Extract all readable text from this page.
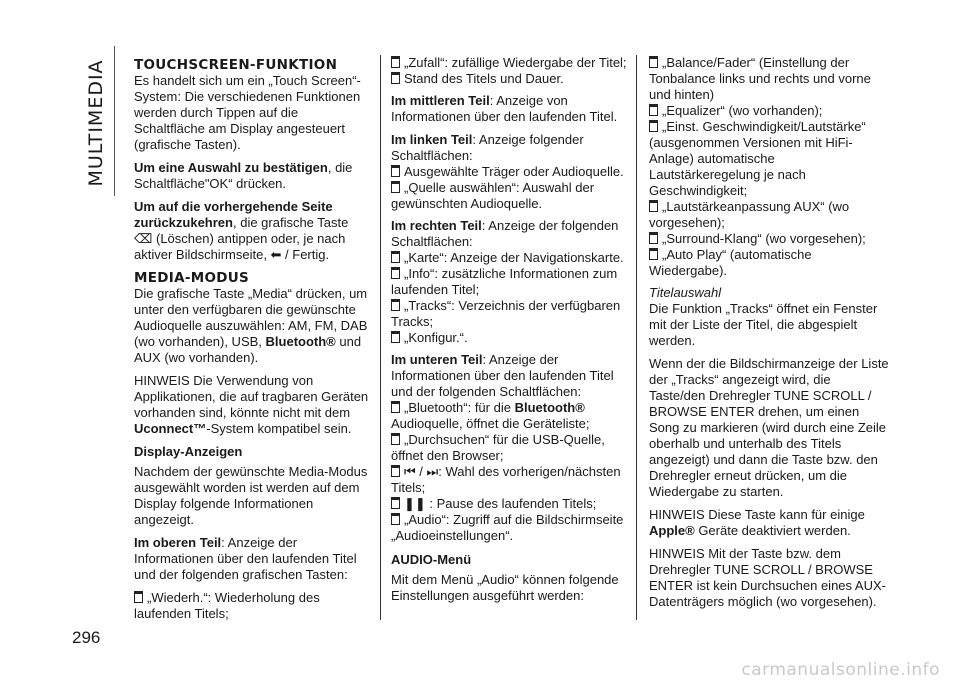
MULTIMEDIA
296
TOUCHSCREEN-FUNKTION

Es handelt sich um ein „Touch Screen“-System: Die verschiedenen Funktionen werden durch Tippen auf die Schaltfläche am Display angesteuert (grafische Tasten).

Um eine Auswahl zu bestätigen, die Schaltfläche"OK“ drücken.

Um auf die vorhergehende Seite zurückzukehren, die grafische Taste ⌫ (Löschen) antippen oder, je nach aktiver Bildschirmseite, ⬅ / Fertig.

MEDIA-MODUS

Die grafische Taste „Media“ drücken, um unter den verfügbaren die gewünschte Audioquelle auszuwählen: AM, FM, DAB (wo vorhanden), USB, Bluetooth® und AUX (wo vorhanden).

HINWEIS Die Verwendung von Applikationen, die auf tragbaren Geräten vorhanden sind, könnte nicht mit dem Uconnect™-System kompatibel sein.

Display-Anzeigen

Nachdem der gewünschte Media-Modus ausgewählt worden ist werden auf dem Display folgende Informationen angezeigt.

Im oberen Teil: Anzeige der Informationen über den laufenden Titel und der folgenden grafischen Tasten:

„Wiederh.“: Wiederholung des laufenden Titels;

„Zufall“: zufällige Wiedergabe der Titel;

Stand des Titels und Dauer.

Im mittleren Teil: Anzeige von Informationen über den laufenden Titel.

Im linken Teil: Anzeige folgender Schaltflächen:

Ausgewählte Träger oder Audioquelle.

„Quelle auswählen“: Auswahl der gewünschten Audioquelle.

Im rechten Teil: Anzeige der folgenden Schaltflächen:

„Karte“: Anzeige der Navigationskarte.

„Info“: zusätzliche Informationen zum laufenden Titel;

„Tracks“: Verzeichnis der verfügbaren Tracks;

„Konfigur.“.

Im unteren Teil: Anzeige der Informationen über den laufenden Titel und der folgenden Schaltflächen:

„Bluetooth“: für die Bluetooth® Audioquelle, öffnet die Geräteliste;

„Durchsuchen“ für die USB-Quelle, öffnet den Browser;

⏮ / ⏭: Wahl des vorherigen/nächsten Titels;

❚❚ : Pause des laufenden Titels;

„Audio“: Zugriff auf die Bildschirmseite „Audioeinstellungen“.

AUDIO-Menü

Mit dem Menü „Audio“ können folgende Einstellungen ausgeführt werden:

„Balance/Fader“ (Einstellung der Tonbalance links und rechts und vorne und hinten)

„Equalizer“ (wo vorhanden);

„Einst. Geschwindigkeit/Lautstärke“ (ausgenommen Versionen mit HiFi-Anlage) automatische Lautstärkeregelung je nach Geschwindigkeit;

„Lautstärkeanpassung AUX“ (wo vorgesehen);

„Surround-Klang“ (wo vorgesehen);

„Auto Play“ (automatische Wiedergabe).

Titelauswahl

Die Funktion „Tracks“ öffnet ein Fenster mit der Liste der Titel, die abgespielt werden.

Wenn der die Bildschirmanzeige der Liste der „Tracks“ angezeigt wird, die Taste/den Drehregler TUNE SCROLL / BROWSE ENTER drehen, um einen Song zu markieren (wird durch eine Zeile oberhalb und unterhalb des Titels angezeigt) und dann die Taste bzw. den Drehregler erneut drücken, um die Wiedergabe zu starten.

HINWEIS Diese Taste kann für einige Apple® Geräte deaktiviert werden.

HINWEIS Mit der Taste bzw. dem Drehregler TUNE SCROLL / BROWSE ENTER ist kein Durchsuchen eines AUX-Datenträgers möglich (wo vorgesehen).

carmanualsonline.info
